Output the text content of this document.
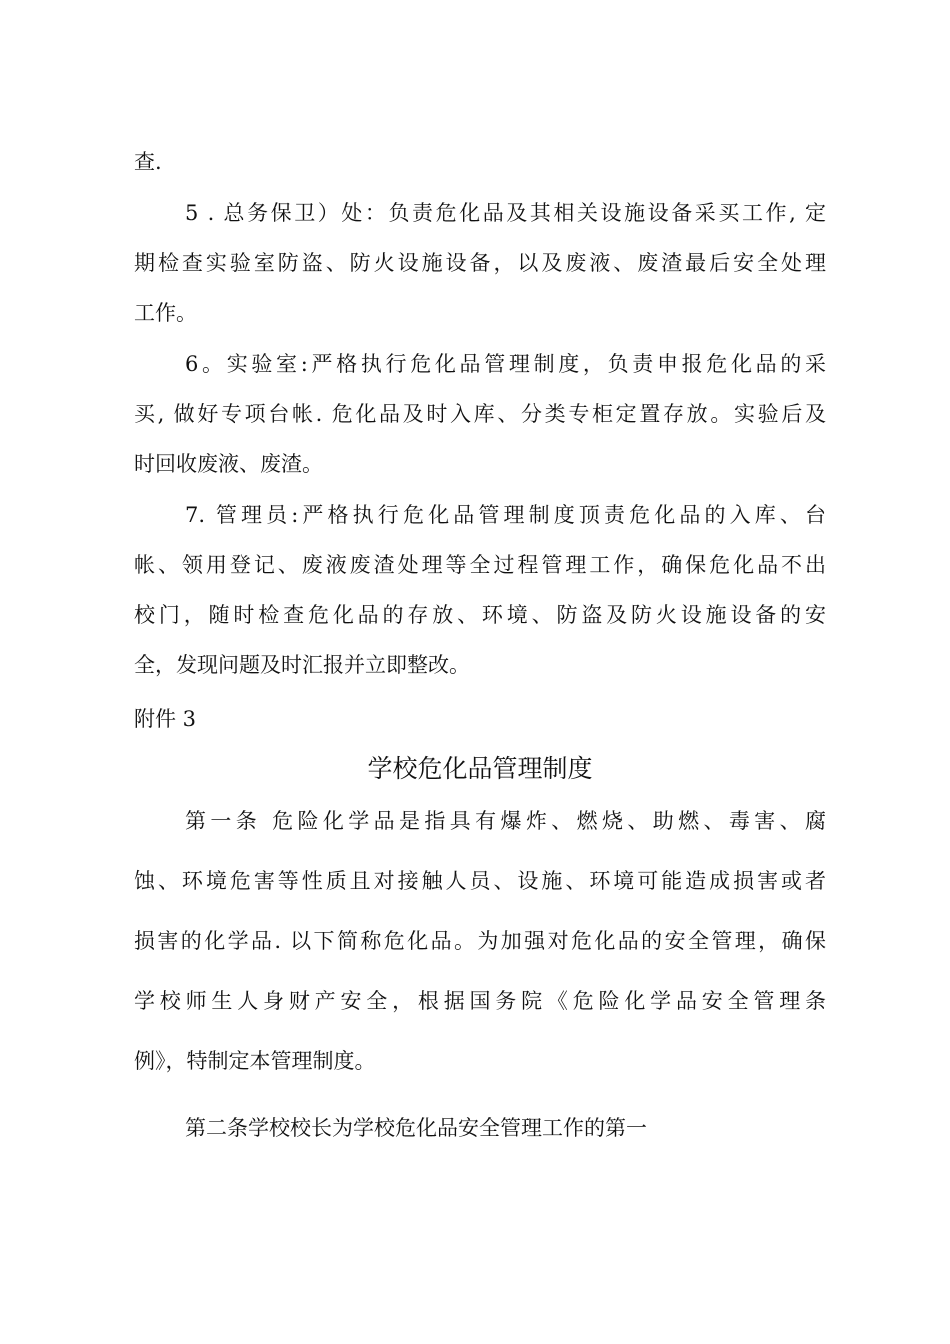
查.
5 . 总务保卫）处：负责危化品及其相关设施设备采买工作, 定
期检查实验室防盗、防火设施设备，以及废液、废渣最后安全处理
工作。
6。实验室:严格执行危化品管理制度，负责申报危化品的采
买, 做好专项台帐. 危化品及时入库、分类专柜定置存放。实验后及
时回收废液、废渣。
7. 管理员:严格执行危化品管理制度顶责危化品的入库、台
帐、领用登记、废液废渣处理等全过程管理工作，确保危化品不出
校门，随时检查危化品的存放、环境、防盗及防火设施设备的安
全，发现问题及时汇报并立即整改。
附件 3
学校危化品管理制度
第一条 危险化学品是指具有爆炸、燃烧、助燃、毒害、腐
蚀、环境危害等性质且对接触人员、设施、环境可能造成损害或者
损害的化学品. 以下简称危化品。为加强对危化品的安全管理，确保
学校师生人身财产安全，根据国务院《危险化学品安全管理条
例》，特制定本管理制度。
第二条学校校长为学校危化品安全管理工作的第一
